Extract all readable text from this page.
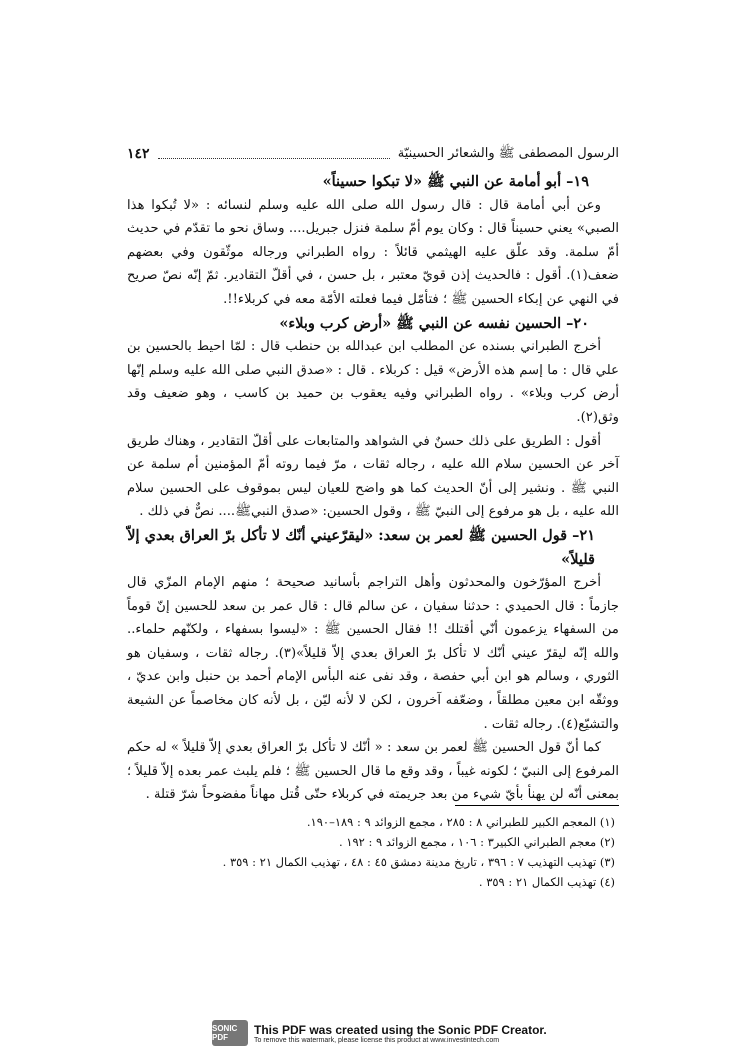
١٤٢	الرسول المصطفى ﷺ والشعائر الحسينيّة

١٩– أبو أمامة عن النبي ﷺ «لا تبكوا حسيناً»

وعن أبي أمامة قال : قال رسول الله صلى الله عليه وسلم لنسائه : «لا تُبكوا هذا الصبي» يعني حسيناً قال : وكان يوم أمّ سلمة فنزل جبريل.... وساق نحو ما تقدّم في حديث أمّ سلمة. وقد علّق عليه الهيثمي قائلاً : رواه الطبراني ورجاله موثّقون وفي بعضهم ضعف(١). أقول : فالحديث إذن قويّ معتبر ، بل حسن ، في أقلّ التقادير. ثمّ إنّه نصّ صريح في النهي عن إبكاء الحسين ﷺ ؛ فتأمّل فيما فعلته الأمّة معه في كربلاء!!.

٢٠– الحسين نفسه عن النبي ﷺ «أرض كرب وبلاء»

أخرج الطبراني بسنده عن المطلب ابن عبدالله بن حنطب قال : لمّا احيط بالحسين بن علي قال : ما إسم هذه الأرض» قيل : كربلاء . قال : «صدق النبي صلى الله عليه وسلم إنّها أرض كرب وبلاء» . رواه الطبراني وفيه يعقوب بن حميد بن كاسب ، وهو ضعيف وقد وثق(٢).

أقول : الطريق على ذلك حسنٌ في الشواهد والمتابعات على أقلّ التقادير ، وهناك طريق آخر عن الحسين سلام الله عليه ، رجاله ثقات ، مرّ فيما روته أمّ المؤمنين أم سلمة عن النبي ﷺ . ونشير إلى أنّ الحديث كما هو واضح للعيان ليس بموقوف على الحسين سلام الله عليه ، بل هو مرفوع إلى النبيّ ﷺ ، وقول الحسين: «صدق النبيﷺ.... نصٌّ في ذلك .

٢١– قول الحسين ﷺ لعمر بن سعد: «ليقرّعيني أنّك لا تأكل برّ العراق بعدي إلاّ قليلاً»

أخرج المؤرّخون والمحدثون وأهل التراجم بأسانيد صحيحة ؛ منهم الإمام المزّي قال جازماً : قال الحميدي : حدثنا سفيان ، عن سالم قال : قال عمر بن سعد للحسين إنّ قوماً من السفهاء يزعمون أنّي أقتلك !! فقال الحسين ﷺ : «ليسوا بسفهاء ، ولكنّهم حلماء.. والله إنّه ليقرّ عيني أنّك لا تأكل برّ العراق بعدي إلاّ قليلاً»(٣). رجاله ثقات ، وسفيان هو الثوري ، وسالم هو ابن أبي حفصة ، وقد نفى عنه البأس الإمام أحمد بن حنبل وابن عديّ ، ووثقّه ابن معين مطلقاً ، وضعّفه آخرون ، لكن لا لأنه ليّن ، بل لأنه كان مخاصماً عن الشيعة والتشيّع(٤). رجاله ثقات .

كما أنّ قول الحسين ﷺ لعمر بن سعد : « أنّك لا تأكل برّ العراق بعدي إلاّ قليلاً » له حكم المرفوع إلى النبيّ ؛ لكونه غيباً ، وقد وقع ما قال الحسين ﷺ ؛ فلم يلبث عمر بعده إلاّ قليلاً ؛ بمعنى أنّه لن يهنأ بأيّ شيء من بعد جريمته في كربلاء حتّى قُتل مهاناً مفضوحاً شرّ قتلة .

(١) المعجم الكبير للطبراني ٨ : ٢٨٥ ، مجمع الزوائد ٩ : ١٨٩–١٩٠.

(٢) معجم الطبراني الكبير٣ : ١٠٦ ، مجمع الزوائد ٩ : ١٩٢ .

(٣) تهذيب التهذيب ٧ : ٣٩٦ ، تاريخ مدينة دمشق ٤٥ : ٤٨ ، تهذيب الكمال ٢١ : ٣٥٩ .

(٤) تهذيب الكمال ٢١ : ٣٥٩ .

SONIC PDF
This PDF was created using the Sonic PDF Creator.
To remove this watermark, please license this product at www.investintech.com
